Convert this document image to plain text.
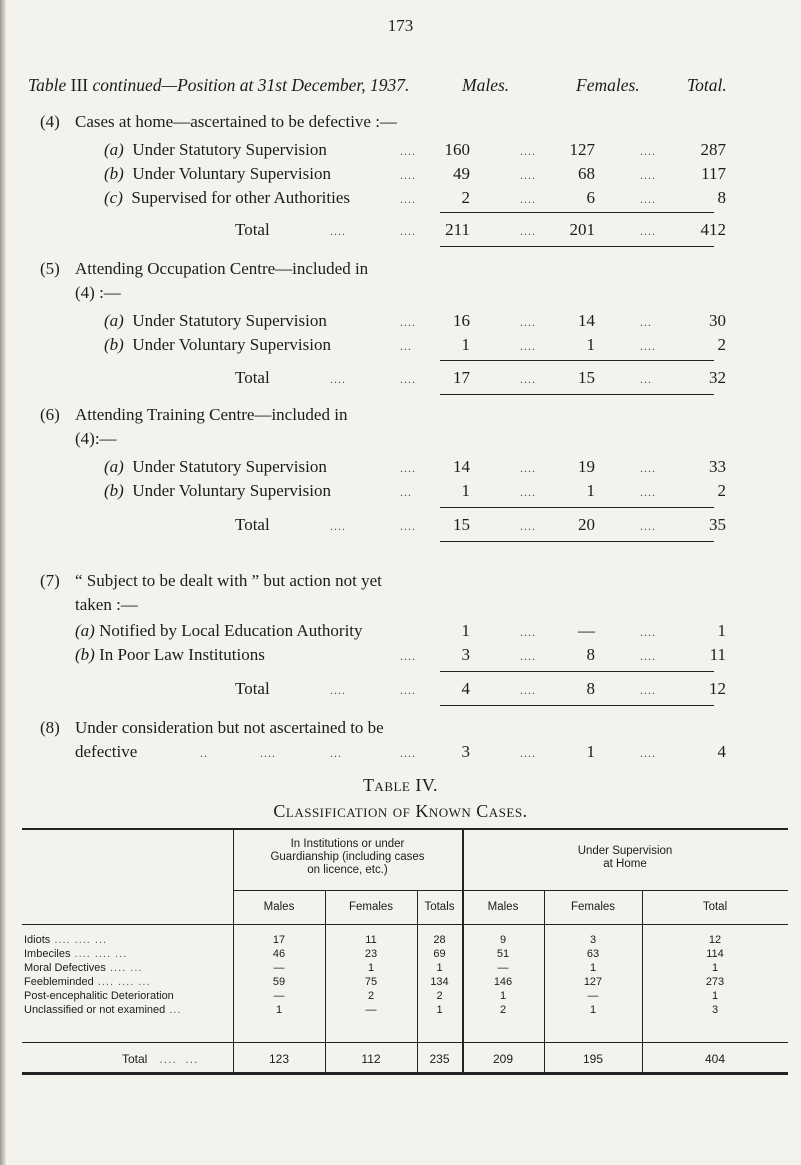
173
Table III continued—Position at 31st December, 1937.	Males.	Females.	Total.
(4) Cases at home—ascertained to be defective :—
(a) Under Statutory Supervision	....	160	....	127	....	287
(b) Under Voluntary Supervision	....	49	....	68	....	117
(c) Supervised for other Authorities	....	2	....	6	....	8
Total	....	....	211	....	201	....	412
(5) Attending Occupation Centre—included in
(4) :—
(a) Under Statutory Supervision	....	16	....	14	...	30
(b) Under Voluntary Supervision	...	1	....	1	....	2
Total	....	....	17	....	15	...	32
(6) Attending Training Centre—included in
(4):—
(a) Under Statutory Supervision	....	14	....	19	....	33
(b) Under Voluntary Supervision	...	1	....	1	....	2
Total	....	....	15	....	20	....	35
(7) “ Subject to be dealt with ” but action not yet
taken :—
(a) Notified by Local Education Authority	1	....	—	....	1
(b) In Poor Law Institutions	....	3	....	8	....	11
Total	....	....	4	....	8	....	12
(8) Under consideration but not ascertained to be
defective	..	....	...	....	3	....	1	....	4
Table IV.
Classification of Known Cases.
In Institutions or under
Guardianship (including cases
on licence, etc.)
Under Supervision
at Home
Males	Females	Totals	Males	Females	Total
Idiots .... .... ...	17	11	28	9	3	12
Imbeciles .... .... ...	46	23	69	51	63	114
Moral Defectives .... ...	—	1	1	—	1	1
Feebleminded .... .... ...	59	75	134	146	127	273
Post-encephalitic Deterioration	—	2	2	1	—	1
Unclassified or not examined ...	1	—	1	2	1	3
Total   ....  ...	123	112	235	209	195	404
